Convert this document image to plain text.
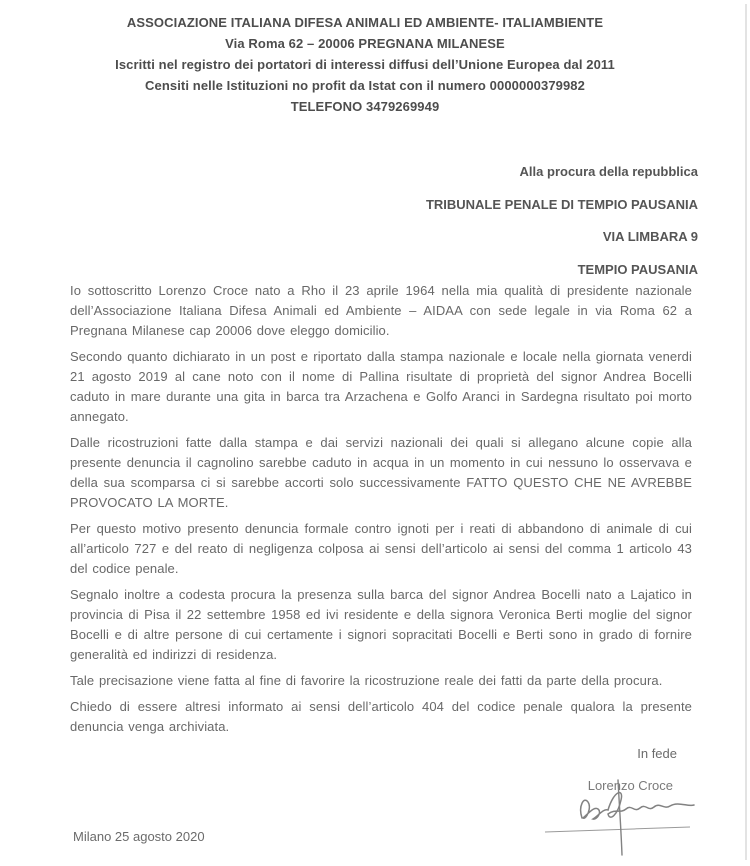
ASSOCIAZIONE ITALIANA DIFESA ANIMALI ED AMBIENTE- ITALIAMBIENTE
Via Roma 62 – 20006 PREGNANA MILANESE
Iscritti nel registro dei portatori di interessi diffusi dell’Unione Europea dal 2011
Censiti nelle Istituzioni no profit da Istat con il numero 0000000379982
TELEFONO 3479269949
Alla procura della repubblica
TRIBUNALE PENALE DI TEMPIO PAUSANIA
VIA LIMBARA 9
TEMPIO PAUSANIA

Io sottoscritto Lorenzo Croce nato a Rho il 23 aprile 1964 nella mia qualità di presidente nazionale dell’Associazione Italiana Difesa Animali ed Ambiente – AIDAA con sede legale in via Roma 62 a Pregnana Milanese cap 20006 dove eleggo domicilio.

Secondo quanto dichiarato in un post e riportato dalla stampa nazionale e locale nella giornata venerdi 21 agosto 2019 al cane noto con il nome di Pallina risultate di proprietà del signor Andrea Bocelli caduto in mare durante una gita in barca tra Arzachena e Golfo Aranci in Sardegna risultato poi morto annegato.

Dalle ricostruzioni fatte dalla stampa e dai servizi nazionali dei quali si allegano alcune copie alla presente denuncia il cagnolino sarebbe caduto in acqua in un momento in cui nessuno lo osservava e della sua scomparsa ci si sarebbe accorti solo successivamente FATTO QUESTO CHE NE AVREBBE PROVOCATO LA MORTE.

Per questo motivo presento denuncia formale contro ignoti per i reati di abbandono di animale di cui all’articolo 727 e del reato di negligenza colposa ai sensi dell’articolo ai sensi del comma 1 articolo 43 del codice penale.

Segnalo inoltre a codesta procura la presenza sulla barca del signor Andrea Bocelli nato a Lajatico in provincia di Pisa il 22 settembre 1958 ed ivi residente e della signora Veronica Berti moglie del signor Bocelli e di altre persone di cui certamente i signori sopracitati Bocelli e Berti sono in grado di fornire generalità ed indirizzi di residenza.

Tale precisazione viene fatta al fine di favorire la ricostruzione reale dei fatti da parte della procura.

Chiedo di essere altresi informato ai sensi dell’articolo 404 del codice penale qualora la presente denuncia venga archiviata.

In fede
Lorenzo Croce
Milano 25 agosto 2020
